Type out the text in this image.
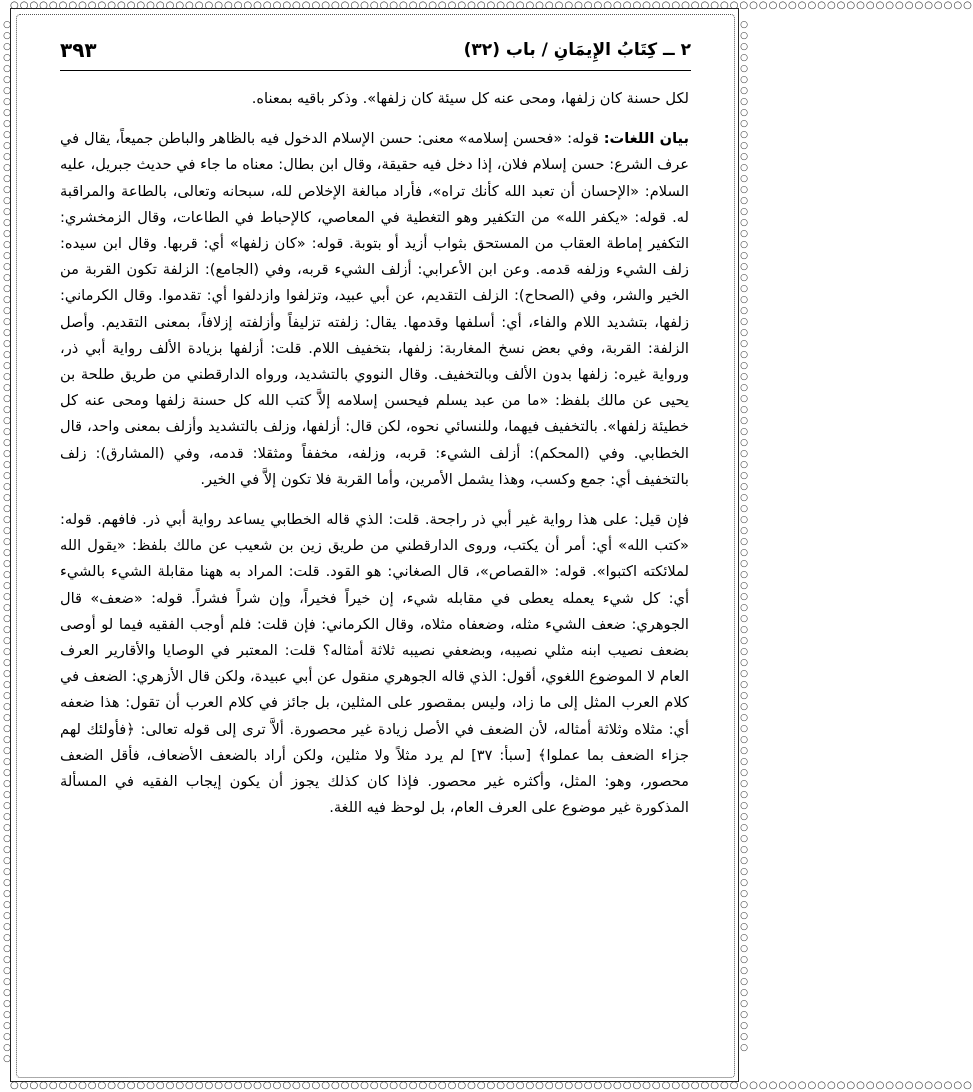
○○○○○○○○○○○○○○○○○○○○○○○○○○○○○○○○○○○○○○○○○○○○○○○○○○○○○○○○○○○○○○○○○○○○○○○○○○○○○○○○○○○○○○○○○○○○○○○○○○○
○○○○○○○○○○○○○○○○○○○○○○○○○○○○○○○○○○○○○○○○○○○○○○○○○○○○○○○○○○○○○○○○○○○○○○○○○○○○○○○○○○○○○○○○○○○○○○○○○○○
○○○○○○○○○○○○○○○○○○○○○○○○○○○○○○○○○○○○○○○○○○○○○○○○○○○○○○○○○○○○○○○○○○○○○○○○○○○○○○○○○○○○○○○○○○○○○○○
○○○○○○○○○○○○○○○○○○○○○○○○○○○○○○○○○○○○○○○○○○○○○○○○○○○○○○○○○○○○○○○○○○○○○○○○○○○○○○○○○○○○○○○○○○○○○○
٢ ــ كِتَابُ الإِيمَانِ / باب (٣٢)
٣٩٣

لكل حسنة كان زلفها، ومحى عنه كل سيئة كان زلفها». وذكر باقيه بمعناه.

بيان اللغات: قوله: «فحسن إسلامه» معنى: حسن الإسلام الدخول فيه بالظاهر والباطن جميعاً، يقال في عرف الشرع: حسن إسلام فلان، إذا دخل فيه حقيقة، وقال ابن بطال: معناه ما جاء في حديث جبريل، عليه السلام: «الإحسان أن تعبد الله كأنك تراه»، فأراد مبالغة الإخلاص لله، سبحانه وتعالى، بالطاعة والمراقبة له. قوله: «يكفر الله» من التكفير وهو التغطية في المعاصي، كالإحباط في الطاعات، وقال الزمخشري: التكفير إماطة العقاب من المستحق بثواب أزيد أو بتوبة. قوله: «كان زلفها» أي: قربها. وقال ابن سيده: زلف الشيء وزلفه قدمه. وعن ابن الأعرابي: أزلف الشيء قربه، وفي (الجامع): الزلفة تكون القربة من الخير والشر، وفي (الصحاح): الزلف التقديم، عن أبي عبيد، وتزلفوا وازدلفوا أي: تقدموا. وقال الكرماني: زلفها، بتشديد اللام والفاء، أي: أسلفها وقدمها. يقال: زلفته تزليفاً وأزلفته إزلافاً، بمعنى التقديم. وأصل الزلفة: القربة، وفي بعض نسخ المغاربة: زلفها، بتخفيف اللام. قلت: أزلفها بزيادة الألف رواية أبي ذر، ورواية غيره: زلفها بدون الألف وبالتخفيف. وقال النووي بالتشديد، ورواه الدارقطني من طريق طلحة بن يحيى عن مالك بلفظ: «ما من عبد يسلم فيحسن إسلامه إلاَّ كتب الله كل حسنة زلفها ومحى عنه كل خطيئة زلفها». بالتخفيف فيهما، وللنسائي نحوه، لكن قال: أزلفها، وزلف بالتشديد وأزلف بمعنى واحد، قال الخطابي. وفي (المحكم): أزلف الشيء: قربه، وزلفه، مخففاً ومثقلا: قدمه، وفي (المشارق): زلف بالتخفيف أي: جمع وكسب، وهذا يشمل الأمرين، وأما القربة فلا تكون إلاَّ في الخير.

فإن قيل: على هذا رواية غير أبي ذر راجحة. قلت: الذي قاله الخطابي يساعد رواية أبي ذر. فافهم. قوله: «كتب الله» أي: أمر أن يكتب، وروى الدارقطني من طريق زين بن شعيب عن مالك بلفظ: «يقول الله لملائكته اكتبوا». قوله: «القصاص»، قال الصغاني: هو القود. قلت: المراد به ههنا مقابلة الشيء بالشيء أي: كل شيء يعمله يعطى في مقابله شيء، إن خيراً فخيراً، وإن شراً فشراً. قوله: «ضعف» قال الجوهري: ضعف الشيء مثله، وضعفاه مثلاه، وقال الكرماني: فإن قلت: فلم أوجب الفقيه فيما لو أوصى بضعف نصيب ابنه مثلي نصيبه، وبضعفي نصيبه ثلاثة أمثاله؟ قلت: المعتبر في الوصايا والأقارير العرف العام لا الموضوع اللغوي، أقول: الذي قاله الجوهري منقول عن أبي عبيدة، ولكن قال الأزهري: الضعف في كلام العرب المثل إلى ما زاد، وليس بمقصور على المثلين، بل جائز في كلام العرب أن تقول: هذا ضعفه أي: مثلاه وثلاثة أمثاله، لأن الضعف في الأصل زيادة غير محصورة. ألاَّ ترى إلى قوله تعالى: ﴿فأولئك لهم جزاء الضعف بما عملوا﴾ [سبأ: ٣٧] لم يرد مثلاً ولا مثلين، ولكن أراد بالضعف الأضعاف، فأقل الضعف محصور، وهو: المثل، وأكثره غير محصور. فإذا كان كذلك يجوز أن يكون إيجاب الفقيه في المسألة المذكورة غير موضوع على العرف العام، بل لوحظ فيه اللغة.
